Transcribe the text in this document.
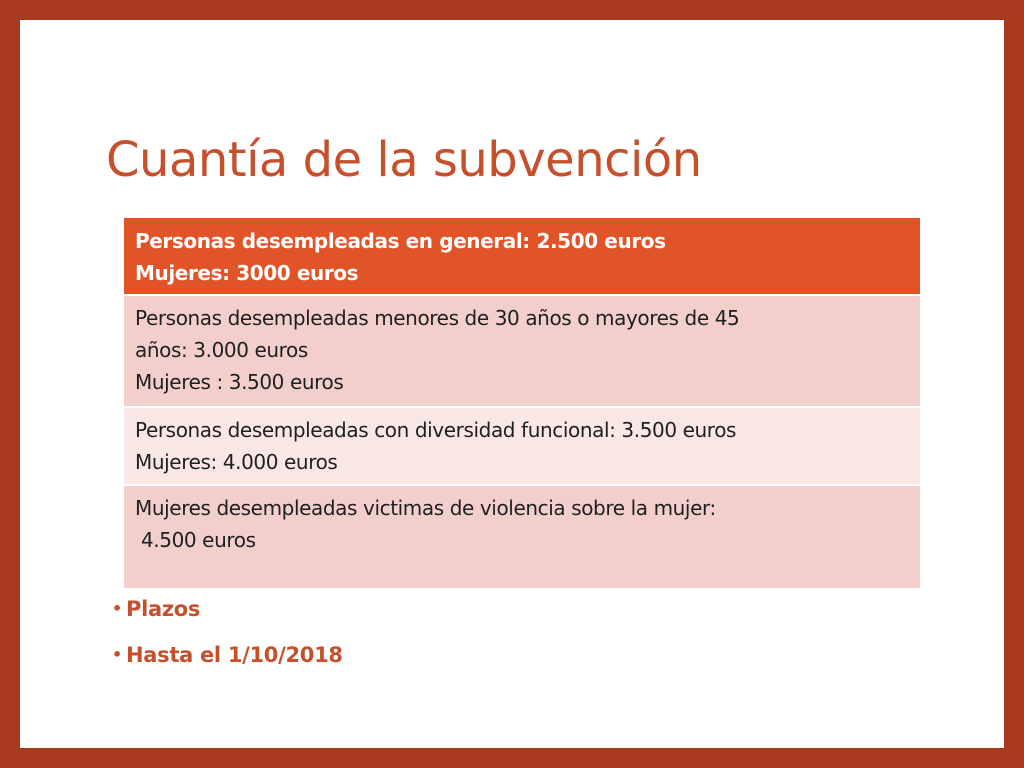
Cuantía de la subvención
Personas desempleadas en general: 2.500 euros
Mujeres: 3000 euros
Personas desempleadas menores de 30 años o mayores de 45
años: 3.000 euros
Mujeres : 3.500 euros
Personas desempleadas con diversidad funcional: 3.500 euros
Mujeres: 4.000 euros
Mujeres desempleadas victimas de violencia sobre la mujer:
4.500 euros
• Plazos
• Hasta el 1/10/2018
